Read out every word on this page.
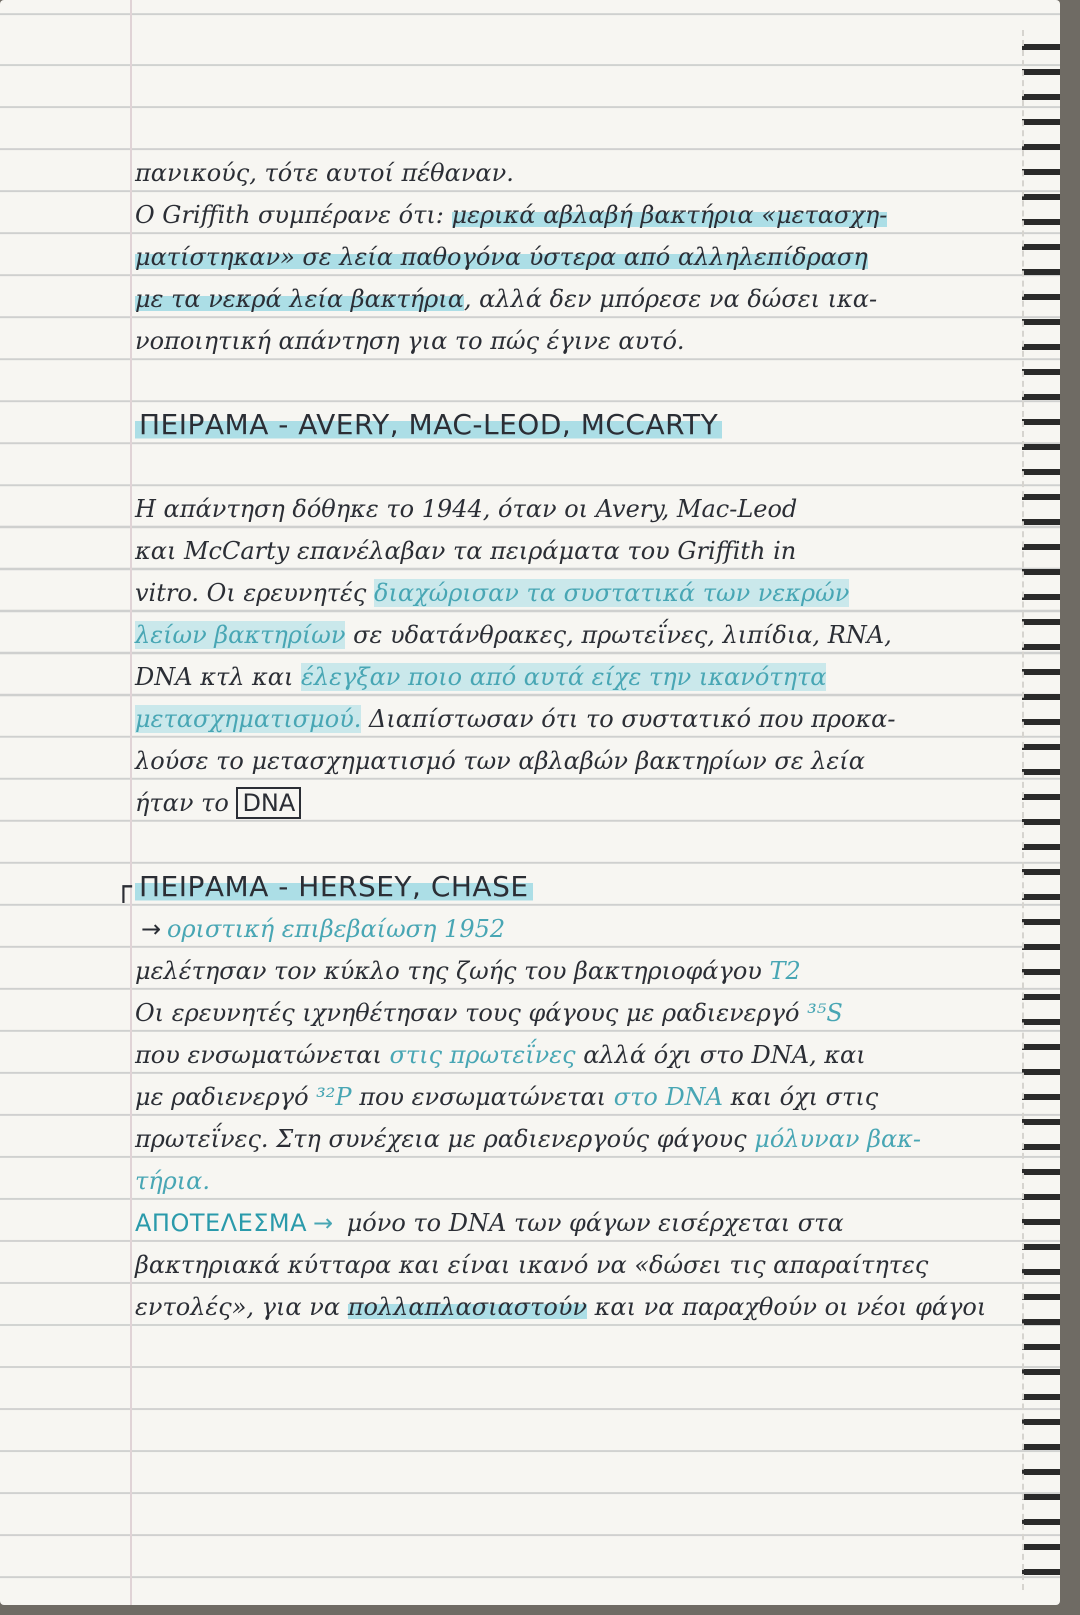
πανικούς, τότε αυτοί πέθαναν.

Ο Griffith συμπέρανε ότι: μερικά αβλαβή βακτήρια «μετασχη-

ματίστηκαν» σε λεία παθογόνα ύστερα από αλληλεπίδραση

με τα νεκρά λεία βακτήρια, αλλά δεν μπόρεσε να δώσει ικα-

νοποιητική απάντηση για το πώς έγινε αυτό.

ΠΕΙΡΑΜΑ - AVERY, MAC-LEOD, MCCARTY

Η απάντηση δόθηκε το 1944, όταν οι Avery, Mac-Leod

και McCarty επανέλαβαν τα πειράματα του Griffith in

vitro. Οι ερευνητές διαχώρισαν τα συστατικά των νεκρών

λείων βακτηρίων σε υδατάνθρακες, πρωτεΐνες, λιπίδια, RNA,

DNA κτλ και έλεγξαν ποιο από αυτά είχε την ικανότητα

μετασχηματισμού. Διαπίστωσαν ότι το συστατικό που προκα-

λούσε το μετασχηματισμό των αβλαβών βακτηρίων σε λεία

ήταν το DNA

┌ ΠΕΙΡΑΜΑ - HERSEY, CHASE

→ οριστική επιβεβαίωση 1952

μελέτησαν τον κύκλο της ζωής του βακτηριοφάγου T2

Οι ερευνητές ιχνηθέτησαν τους φάγους με ραδιενεργό ³⁵S

που ενσωματώνεται στις πρωτεΐνες αλλά όχι στο DNA, και

με ραδιενεργό ³²P που ενσωματώνεται στο DNA και όχι στις

πρωτεΐνες. Στη συνέχεια με ραδιενεργούς φάγους μόλυναν βακ-

τήρια.

ΑΠΟΤΕΛΕΣΜΑ → μόνο το DNA των φάγων εισέρχεται στα

βακτηριακά κύτταρα και είναι ικανό να «δώσει τις απαραίτητες

εντολές», για να πολλαπλασιαστούν και να παραχθούν οι νέοι φάγοι
